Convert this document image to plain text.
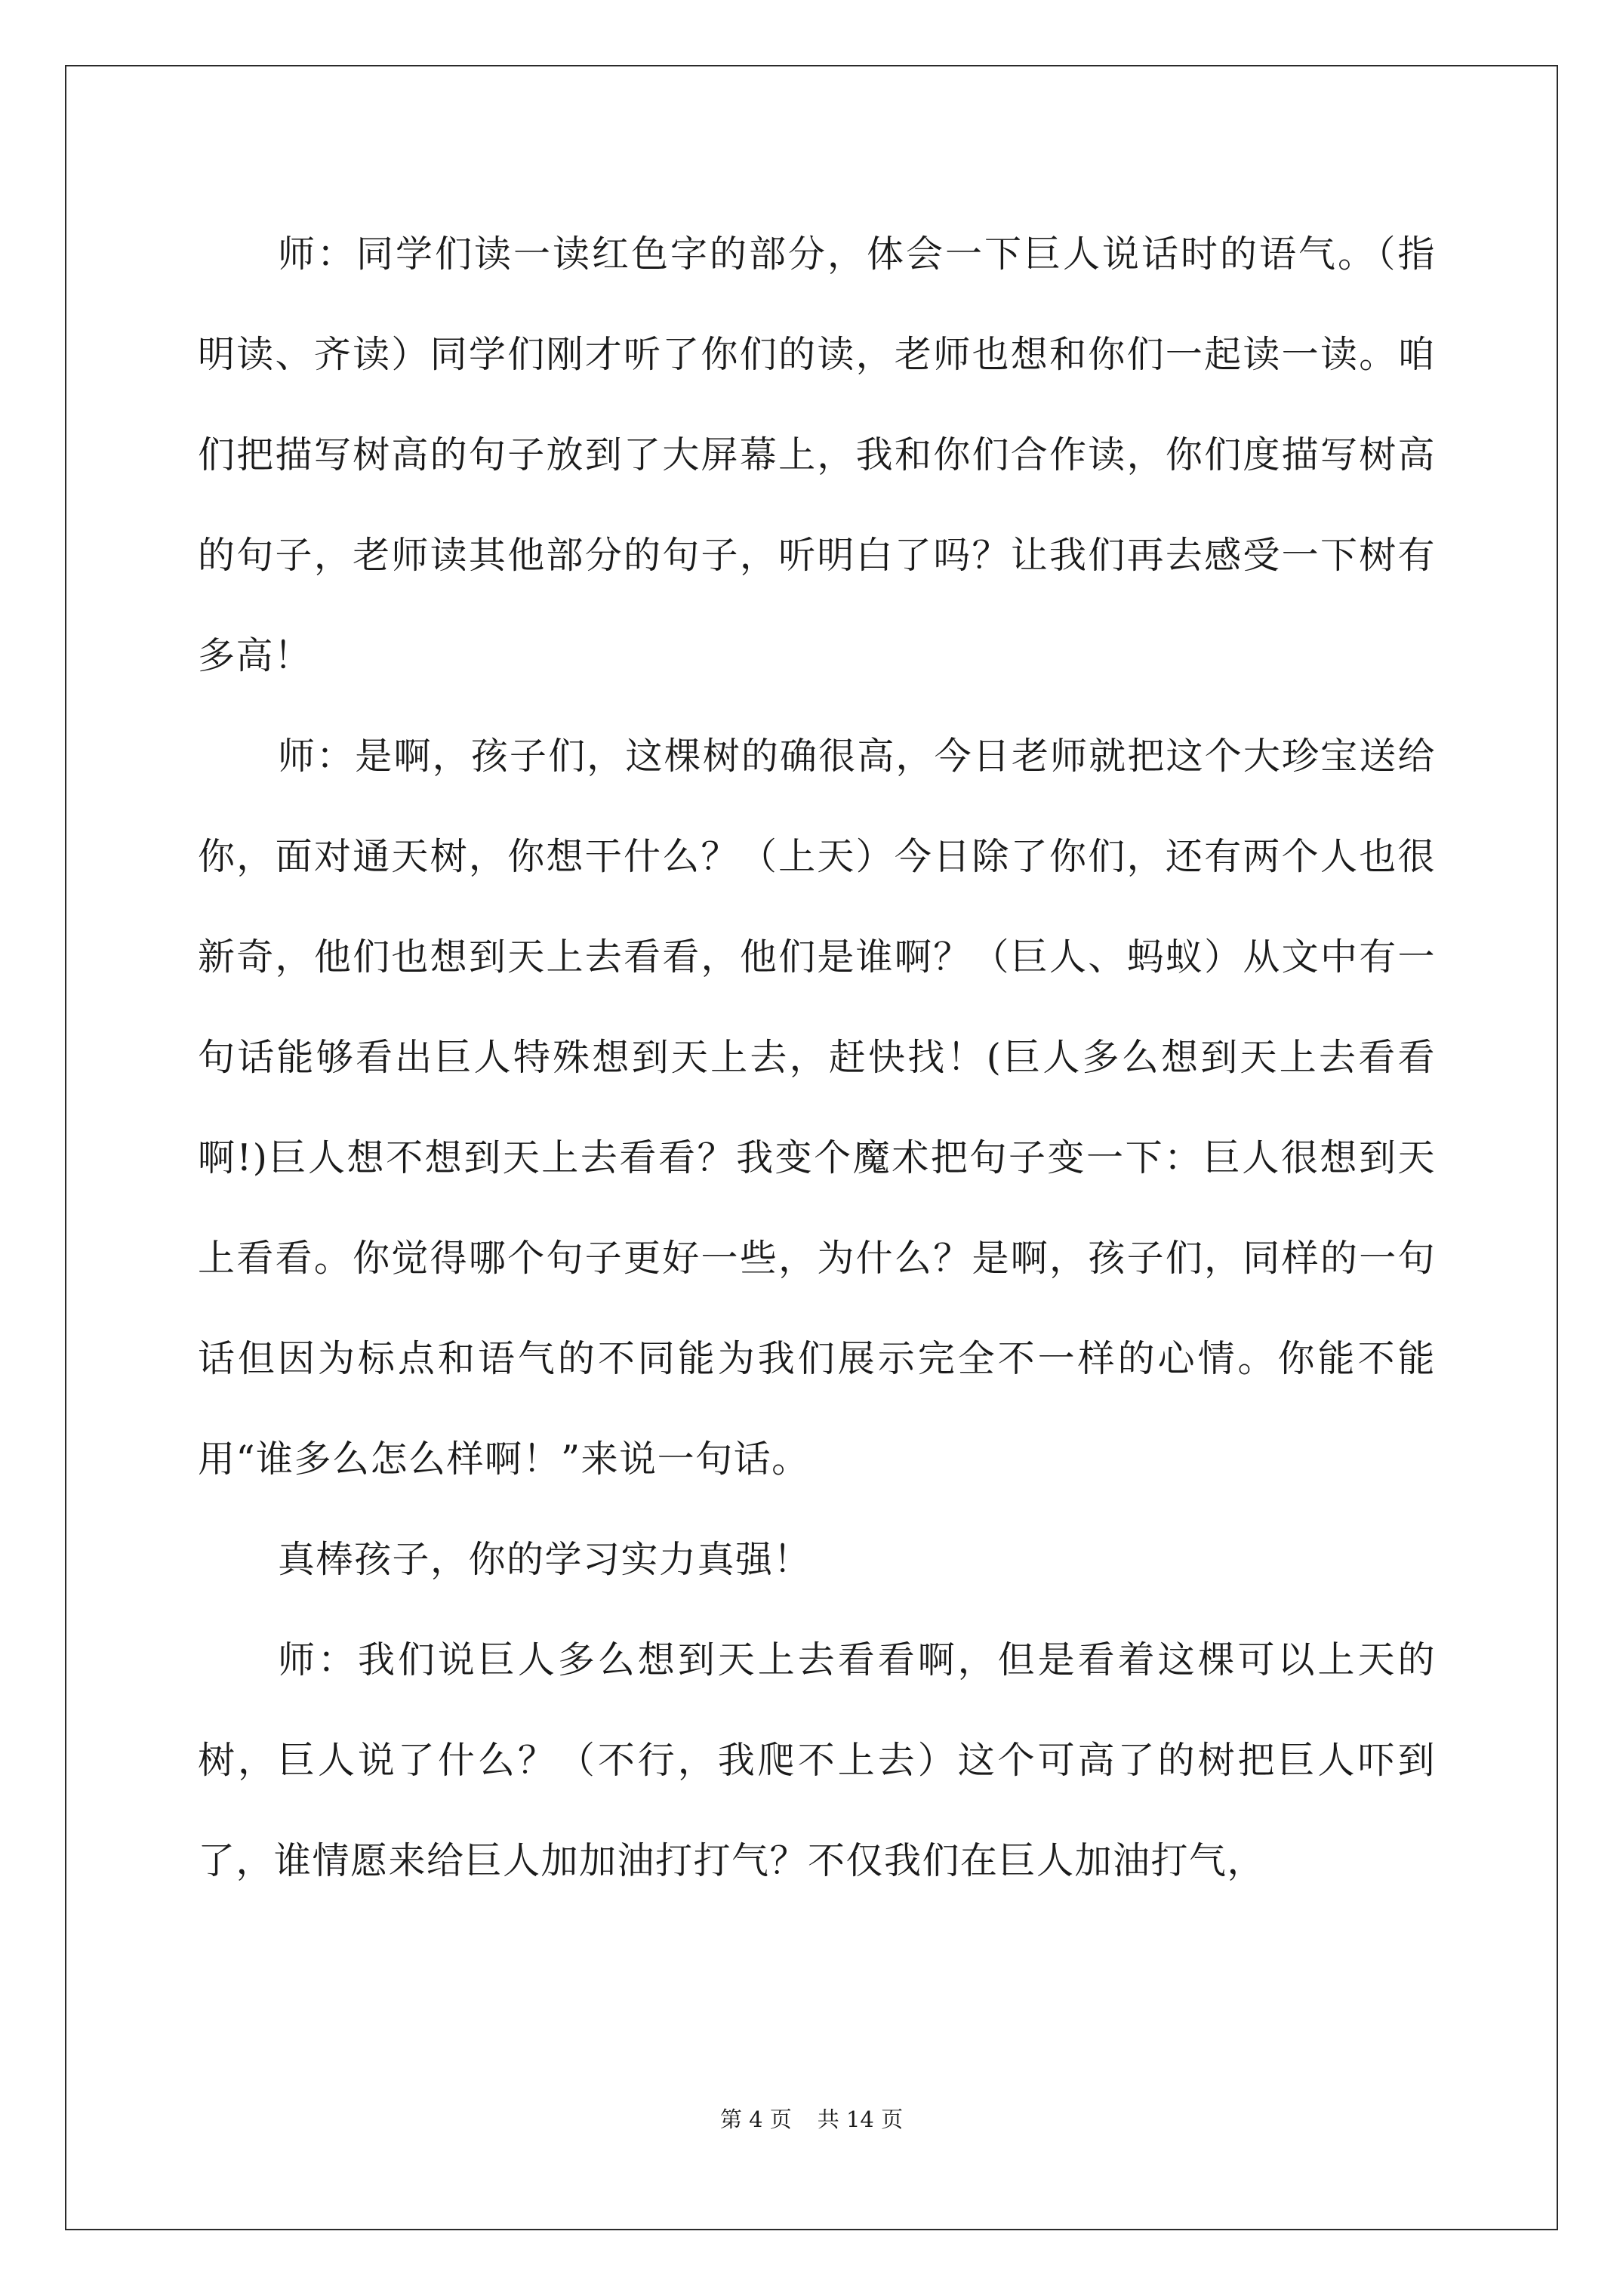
师：同学们读一读红色字的部分，体会一下巨人说话时的语气。（指明读、齐读）同学们刚才听了你们的读，老师也想和你们一起读一读。咱们把描写树高的句子放到了大屏幕上，我和你们合作读，你们度描写树高的句子，老师读其他部分的句子，听明白了吗？让我们再去感受一下树有多高！

师：是啊，孩子们，这棵树的确很高，今日老师就把这个大珍宝送给你，面对通天树，你想干什么？（上天）今日除了你们，还有两个人也很新奇，他们也想到天上去看看，他们是谁啊？（巨人、蚂蚁）从文中有一句话能够看出巨人特殊想到天上去，赶快找！(巨人多么想到天上去看看啊!)巨人想不想到天上去看看？我变个魔术把句子变一下：巨人很想到天上看看。你觉得哪个句子更好一些，为什么？是啊，孩子们，同样的一句话但因为标点和语气的不同能为我们展示完全不一样的心情。你能不能用“谁多么怎么样啊！”来说一句话。

真棒孩子，你的学习实力真强！

师：我们说巨人多么想到天上去看看啊，但是看着这棵可以上天的树，巨人说了什么？（不行，我爬不上去）这个可高了的树把巨人吓到了，谁情愿来给巨人加加油打打气？不仅我们在巨人加油打气，

第 4 页 共 14 页
